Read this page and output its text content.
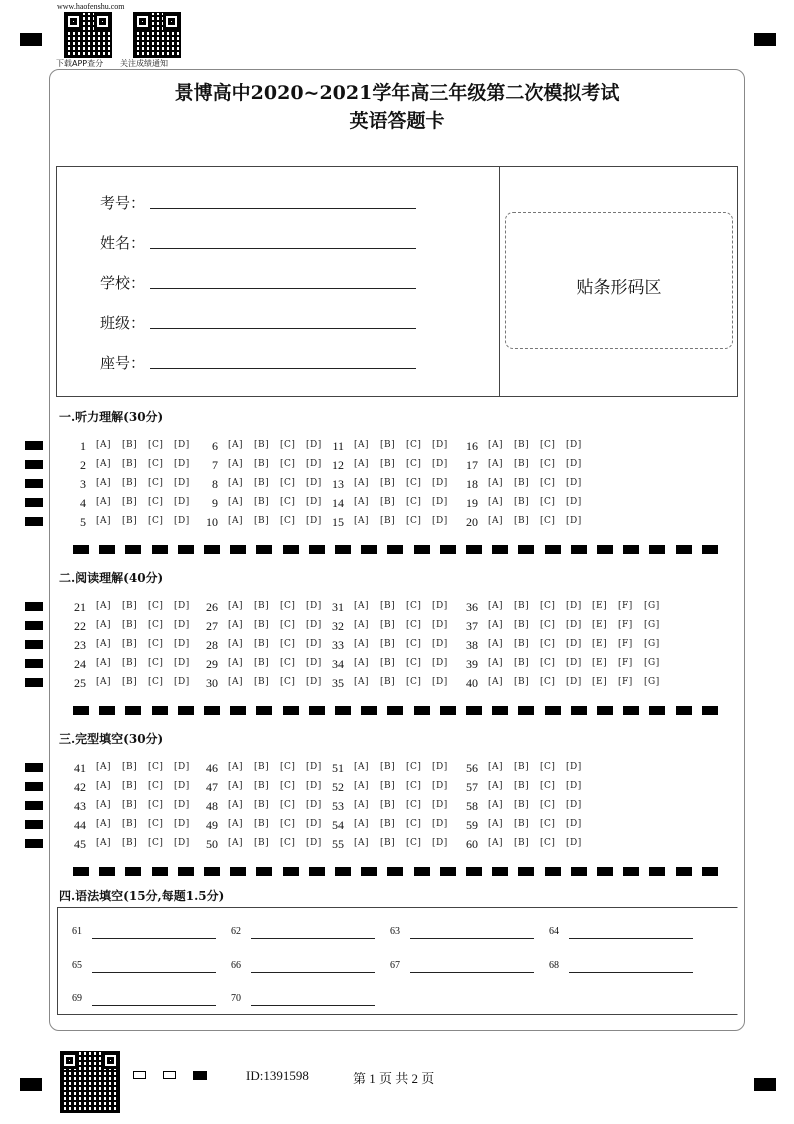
www.haofenshu.com
下载APP查分 关注成绩通知
景博高中2020~2021学年高三年级第二次模拟考试
英语答题卡
考号：
姓名：
学校：
班级：
座号：
贴条形码区
一.听力理解(30分)
1 [A] [B] [C] [D]	6 [A] [B] [C] [D] 11 [A] [B] [C] [D]	16 [A] [B] [C] [D]
2 [A] [B] [C] [D]	7 [A] [B] [C] [D] 12 [A] [B] [C] [D]	17 [A] [B] [C] [D]
3 [A] [B] [C] [D]	8 [A] [B] [C] [D] 13 [A] [B] [C] [D]	18 [A] [B] [C] [D]
4 [A] [B] [C] [D]	9 [A] [B] [C] [D] 14 [A] [B] [C] [D]	19 [A] [B] [C] [D]
5 [A] [B] [C] [D]	10 [A] [B] [C] [D] 15 [A] [B] [C] [D]	20 [A] [B] [C] [D]
二.阅读理解(40分)
21 [A] [B] [C] [D]	26 [A] [B] [C] [D] 31 [A] [B] [C] [D]	36 [A] [B] [C] [D] [E] [F] [G]
22 [A] [B] [C] [D]	27 [A] [B] [C] [D] 32 [A] [B] [C] [D]	37 [A] [B] [C] [D] [E] [F] [G]
23 [A] [B] [C] [D]	28 [A] [B] [C] [D] 33 [A] [B] [C] [D]	38 [A] [B] [C] [D] [E] [F] [G]
24 [A] [B] [C] [D]	29 [A] [B] [C] [D] 34 [A] [B] [C] [D]	39 [A] [B] [C] [D] [E] [F] [G]
25 [A] [B] [C] [D]	30 [A] [B] [C] [D] 35 [A] [B] [C] [D]	40 [A] [B] [C] [D] [E] [F] [G]
三.完型填空(30分)
41 [A] [B] [C] [D]	46 [A] [B] [C] [D] 51 [A] [B] [C] [D]	56 [A] [B] [C] [D]
42 [A] [B] [C] [D]	47 [A] [B] [C] [D] 52 [A] [B] [C] [D]	57 [A] [B] [C] [D]
43 [A] [B] [C] [D]	48 [A] [B] [C] [D] 53 [A] [B] [C] [D]	58 [A] [B] [C] [D]
44 [A] [B] [C] [D]	49 [A] [B] [C] [D] 54 [A] [B] [C] [D]	59 [A] [B] [C] [D]
45 [A] [B] [C] [D]	50 [A] [B] [C] [D] 55 [A] [B] [C] [D]	60 [A] [B] [C] [D]
四.语法填空(15分,每题1.5分)
61	62	63	64
65	66	67	68
69	70
ID:1391598	第 1 页 共 2 页
